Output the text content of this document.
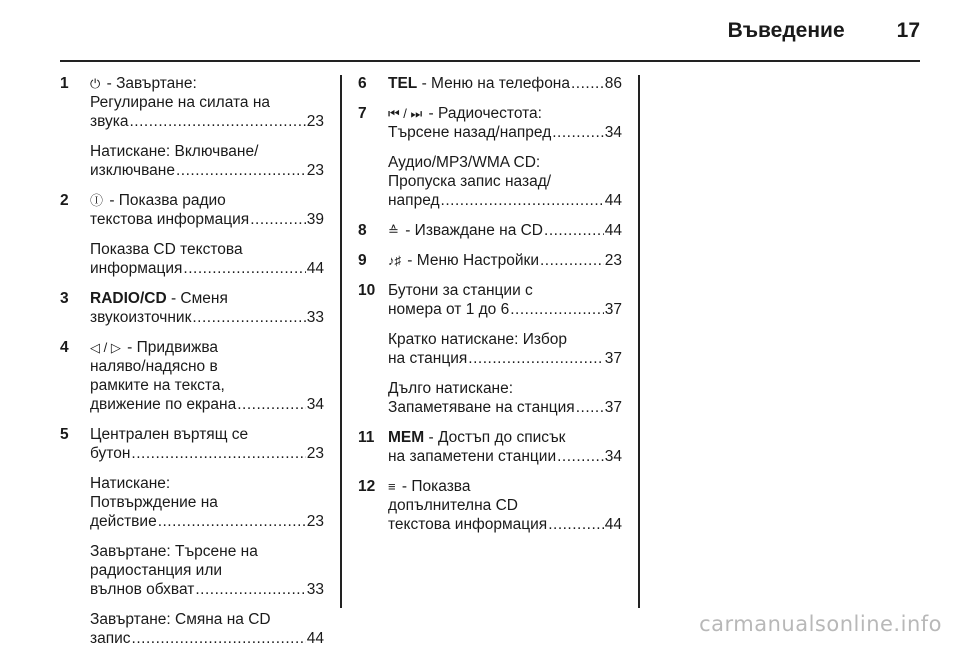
Въведение 17
1	⏻ - Завъртане:
Регулиране на силата на
звука .....	23
Натискане: Включване/
изключване .....	23
2	Ⓘ - Показва радио
текстова информация .....	39
Показва CD текстова
информация .....	44
3	RADIO/CD - Сменя
звукоизточник .....	33
4	◁ / ▷ - Придвижва
наляво/надясно в
рамките на текста,
движение по екрана .....	34
5	Централен въртящ се
бутон .....	23
Натискане:
Потвърждение на
действие .....	23
Завъртане: Търсене на
радиостанция или
вълнов обхват .....	33
Завъртане: Смяна на CD
запис .....	44
6	TEL - Меню на телефона ..... 86
7	⏮ / ⏭ - Радиочестота:
Търсене назад/напред .....	34
Аудио/MP3/WMA CD:
Пропуска запис назад/
напред .....	44
8	≙ - Изваждане на CD .....	44
9	♪♯ - Меню Настройки .....	23
10 Бутони за станции с
номера от 1 до 6 .....	37
Кратко натискане: Избор
на станция .....	37
Дълго натискане:
Запаметяване на станция ..... 37
11 MEM - Достъп до списък
на запаметени станции .....	34
12 ≡ - Показва
допълнителна CD
текстова информация .....	44
carmanualsonline.info
